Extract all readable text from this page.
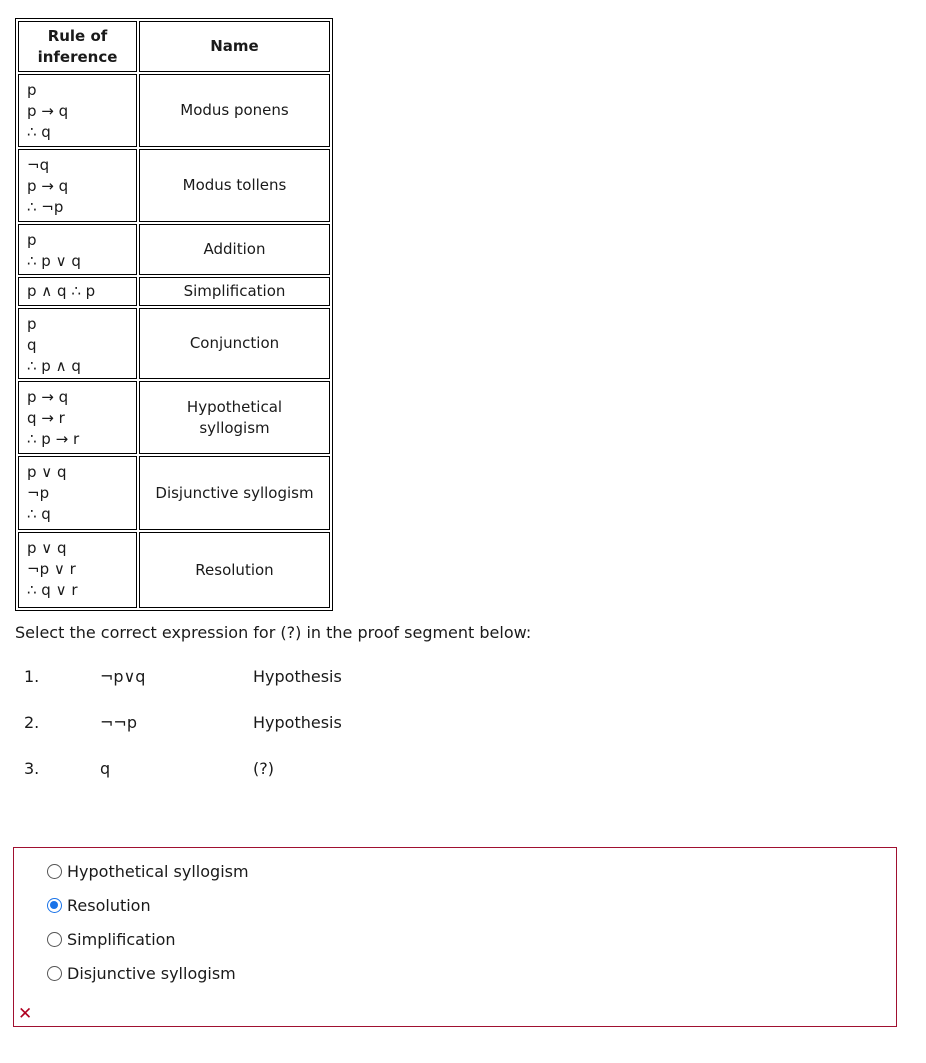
Rule of inference	Name

p
p → q
∴ q	Modus ponens

¬q
p → q
∴ ¬p	Modus tollens

p
∴ p ∨ q	Addition

p ∧ q ∴ p	Simplification

p
q
∴ p ∧ q	Conjunction

p → q
q → r
∴ p → r	Hypothetical syllogism

p ∨ q
¬p
∴ q	Disjunctive syllogism

p ∨ q
¬p ∨ r
∴ q ∨ r	Resolution
Select the correct expression for (?) in the proof segment below:
1.	¬p∨q	Hypothesis
2.	¬¬p	Hypothesis
3.	q	(?)
Hypothetical syllogism
Resolution
Simplification
Disjunctive syllogism
✕
